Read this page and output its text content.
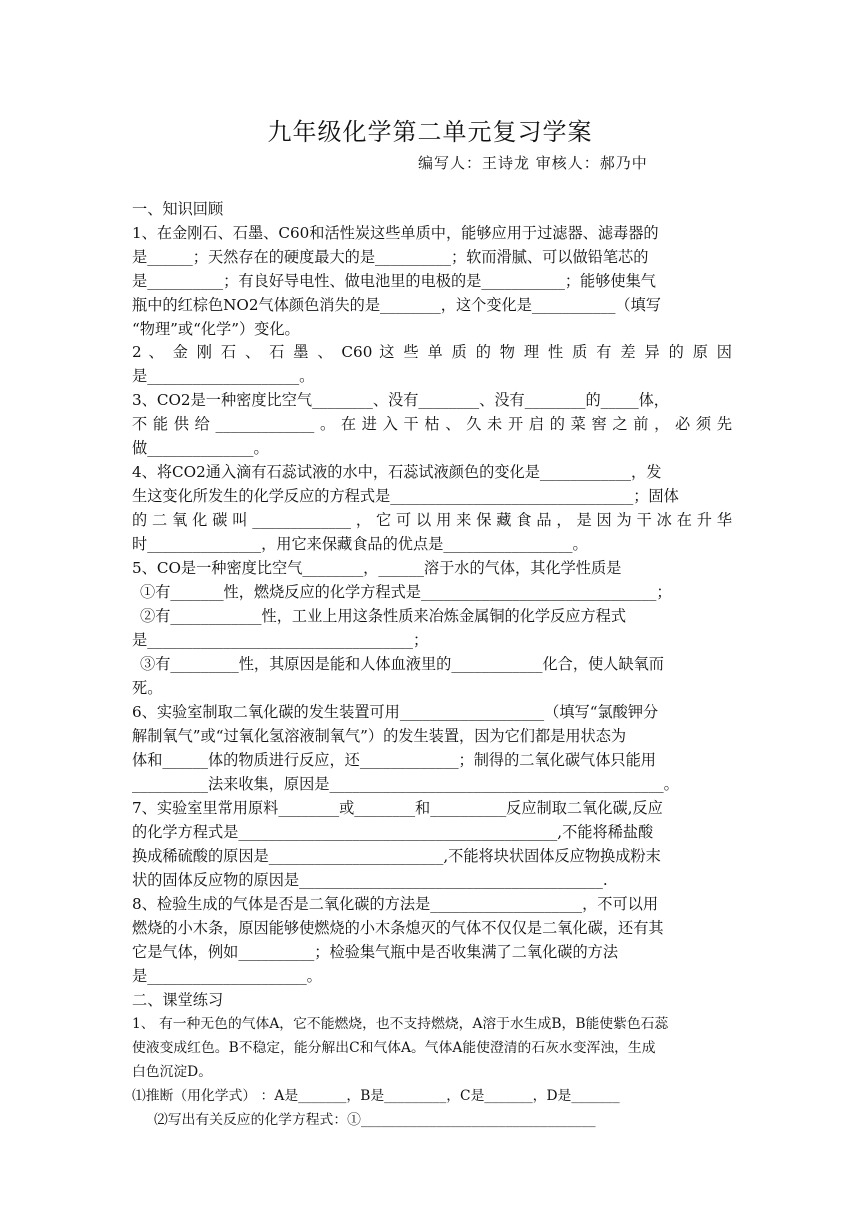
九年级化学第二单元复习学案
编写人：王诗龙 审核人：郝乃中
一、知识回顾
1、在金刚石、石墨、C60和活性炭这些单质中，能够应用于过滤器、滤毒器的
是______；天然存在的硬度最大的是__________；软而滑腻、可以做铅笔芯的
是__________；有良好导电性、做电池里的电极的是___________；能够使集气
瓶中的红棕色NO2气体颜色消失的是________，这个变化是___________（填写
“物理”或“化学”）变化。
2 、 金 刚 石 、 石 墨 、 C60 这 些 单 质 的 物 理 性 质 有 差 异 的 原 因
是____________________。
3、CO2是一种密度比空气________、没有________、没有________的_____体，
不能供给_____________。在进入干枯、久未开启的菜窖之前，必须先
做______________。
4、将CO2通入滴有石蕊试液的水中，石蕊试液颜色的变化是____________，发
生这变化所发生的化学反应的方程式是________________________________；固体
的二氧化碳叫_____________，它可以用来保藏食品，是因为干冰在升华
时_______________，用它来保藏食品的优点是_________________。
5、CO是一种密度比空气________，______溶于水的气体，其化学性质是
①有_______性，燃烧反应的化学方程式是_______________________________；
②有____________性，工业上用这条性质来冶炼金属铜的化学反应方程式
是___________________________________；
③有_________性，其原因是能和人体血液里的____________化合，使人缺氧而
死。
6、实验室制取二氧化碳的发生装置可用___________________（填写“氯酸钾分
解制氧气”或“过氧化氢溶液制氧气”）的发生装置，因为它们都是用状态为
体和______体的物质进行反应，还_____________；制得的二氧化碳气体只能用
__________法来收集，原因是____________________________________________。
7、实验室里常用原料________或________和__________反应制取二氧化碳,反应
的化学方程式是__________________________________________,不能将稀盐酸
换成稀硫酸的原因是_______________________,不能将块状固体反应物换成粉末
状的固体反应物的原因是________________________________________.
8、检验生成的气体是否是二氧化碳的方法是____________________，不可以用
燃烧的小木条，原因能够使燃烧的小木条熄灭的气体不仅仅是二氧化碳，还有其
它是气体，例如__________；检验集气瓶中是否收集满了二氧化碳的方法
是_____________________。
二、课堂练习
1、 有一种无色的气体A，它不能燃烧，也不支持燃烧，A溶于水生成B，B能使紫色石蕊
使液变成红色。B不稳定，能分解出C和气体A。气体A能使澄清的石灰水变浑浊，生成
白色沉淀D。
⑴推断（用化学式） ：A是_______，B是_________，C是_______，D是_______
⑵写出有关反应的化学方程式：①__________________________________
